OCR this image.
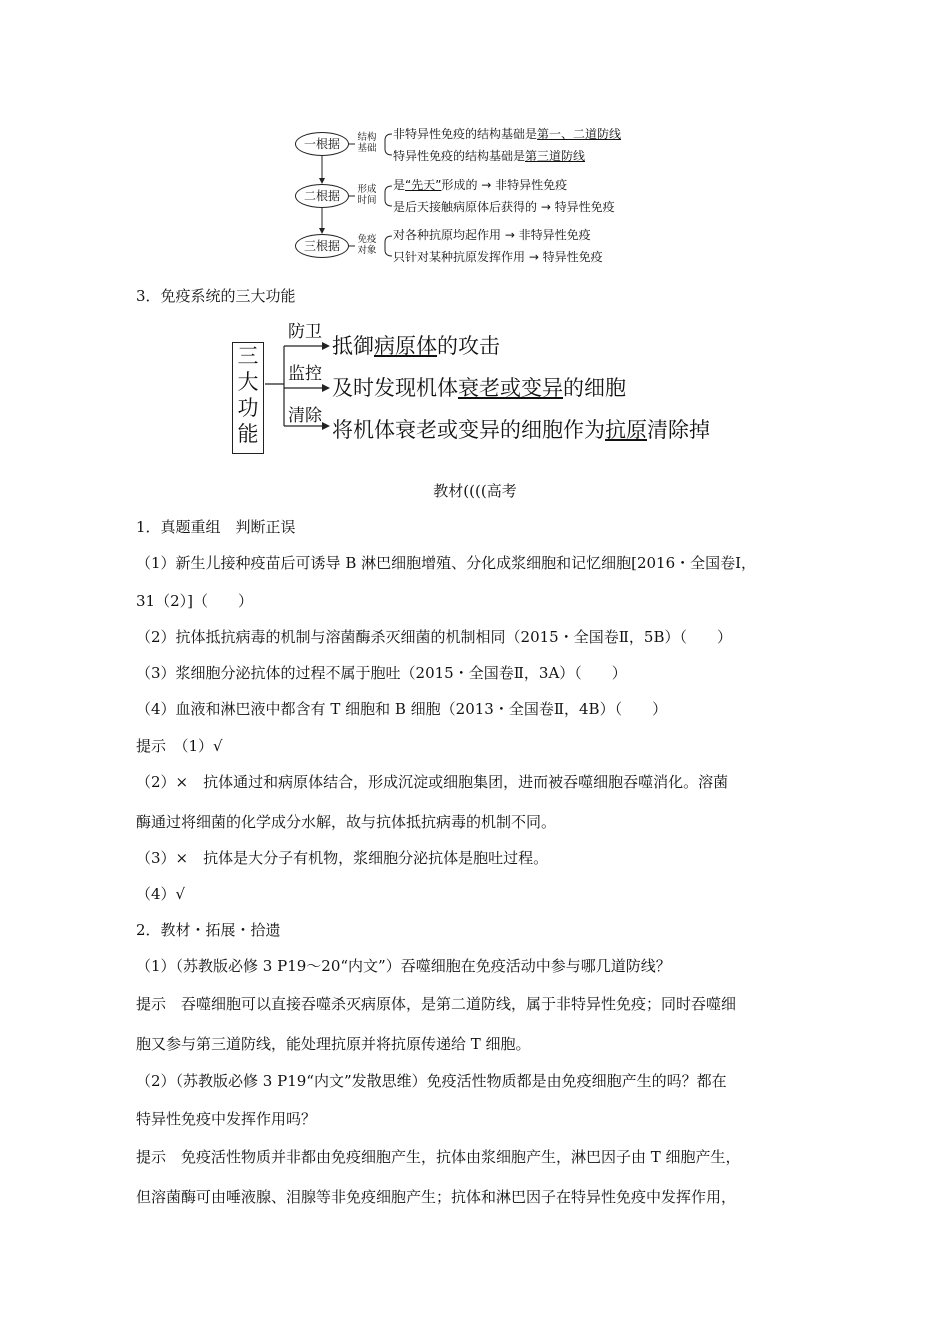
一根据	结构基础
非特异性免疫的结构基础是第一、二道防线
特异性免疫的结构基础是第三道防线
二根据	形成时间
是“先天”形成的 → 非特异性免疫
是后天接触病原体后获得的 → 特异性免疫
三根据	免疫对象
对各种抗原均起作用 → 非特异性免疫
只针对某种抗原发挥作用 → 特异性免疫
3．免疫系统的三大功能
三
大
功
能
防卫
监控
清除
抵御病原体的攻击
及时发现机体衰老或变异的细胞
将机体衰老或变异的细胞作为抗原清除掉
教材((((高考
1．真题重组　判断正误
（1）新生儿接种疫苗后可诱导 B 淋巴细胞增殖、分化成浆细胞和记忆细胞[2016・全国卷Ⅰ，
31（2）]（　　）
（2）抗体抵抗病毒的机制与溶菌酶杀灭细菌的机制相同（2015・全国卷Ⅱ，5B）（　　）
（3）浆细胞分泌抗体的过程不属于胞吐（2015・全国卷Ⅱ，3A）（　　）
（4）血液和淋巴液中都含有 T 细胞和 B 细胞（2013・全国卷Ⅱ，4B）（　　）
提示　（1）√
（2）×　抗体通过和病原体结合，形成沉淀或细胞集团，进而被吞噬细胞吞噬消化。溶菌
酶通过将细菌的化学成分水解，故与抗体抵抗病毒的机制不同。
（3）×　抗体是大分子有机物，浆细胞分泌抗体是胞吐过程。
（4）√
2．教材・拓展・拾遗
（1）（苏教版必修 3 P19～20“内文”）吞噬细胞在免疫活动中参与哪几道防线？
提示　吞噬细胞可以直接吞噬杀灭病原体，是第二道防线，属于非特异性免疫；同时吞噬细
胞又参与第三道防线，能处理抗原并将抗原传递给 T 细胞。
（2）（苏教版必修 3 P19“内文”发散思维）免疫活性物质都是由免疫细胞产生的吗？都在
特异性免疫中发挥作用吗？
提示　免疫活性物质并非都由免疫细胞产生，抗体由浆细胞产生，淋巴因子由 T 细胞产生，
但溶菌酶可由唾液腺、泪腺等非免疫细胞产生；抗体和淋巴因子在特异性免疫中发挥作用，
